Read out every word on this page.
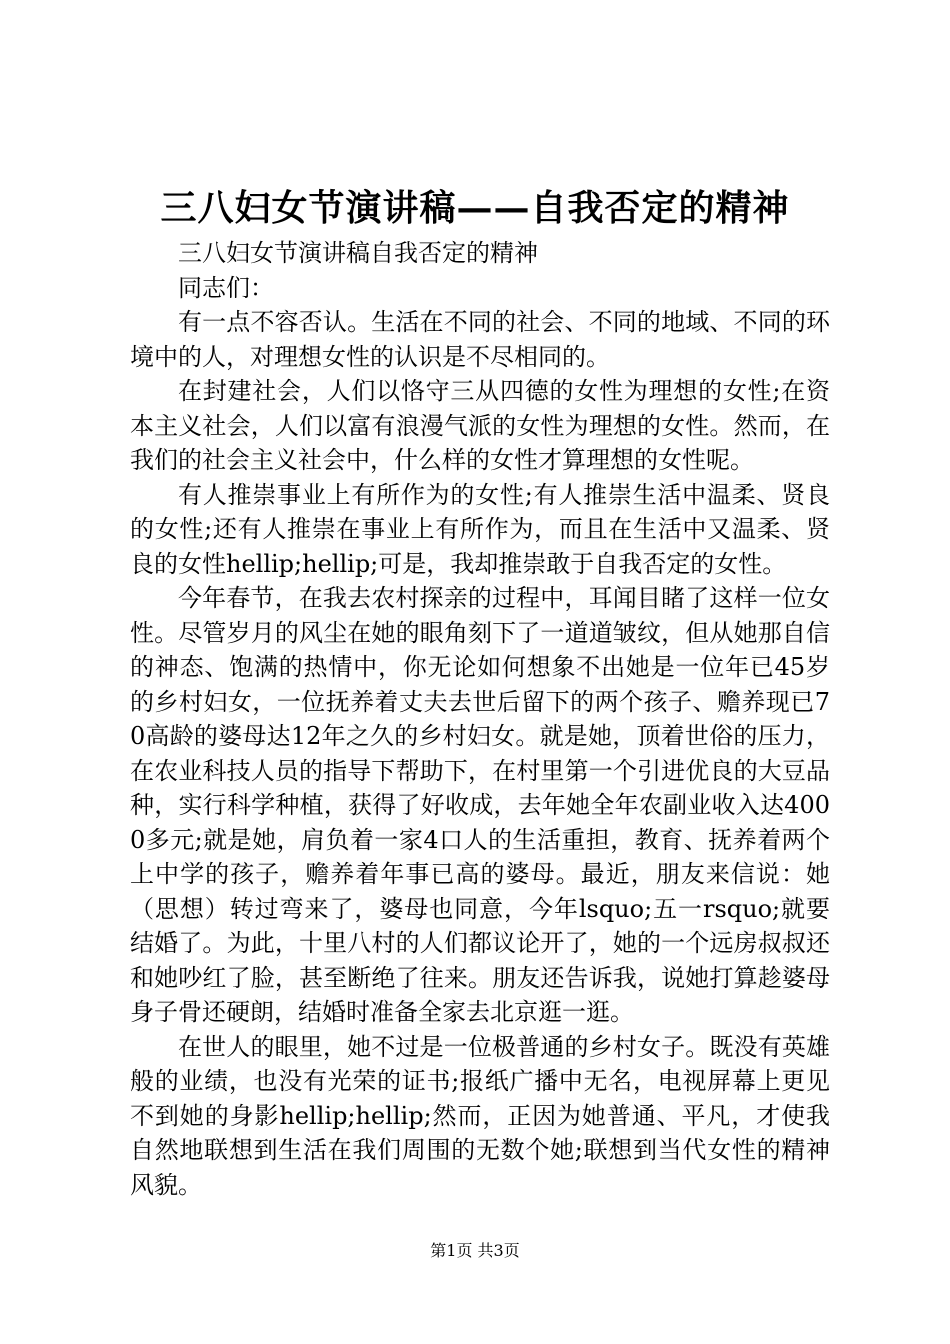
三八妇女节演讲稿——自我否定的精神

三八妇女节演讲稿自我否定的精神

同志们：

有一点不容否认。生活在不同的社会、不同的地域、不同的环境中的人，对理想女性的认识是不尽相同的。

在封建社会，人们以恪守三从四德的女性为理想的女性;在资本主义社会，人们以富有浪漫气派的女性为理想的女性。然而，在我们的社会主义社会中，什么样的女性才算理想的女性呢。

有人推崇事业上有所作为的女性;有人推崇生活中温柔、贤良的女性;还有人推崇在事业上有所作为，而且在生活中又温柔、贤良的女性hellip;hellip;可是，我却推崇敢于自我否定的女性。

今年春节，在我去农村探亲的过程中，耳闻目睹了这样一位女性。尽管岁月的风尘在她的眼角刻下了一道道皱纹，但从她那自信的神态、饱满的热情中，你无论如何想象不出她是一位年已45岁的乡村妇女，一位抚养着丈夫去世后留下的两个孩子、赡养现已70高龄的婆母达12年之久的乡村妇女。就是她，顶着世俗的压力，在农业科技人员的指导下帮助下，在村里第一个引进优良的大豆品种，实行科学种植，获得了好收成，去年她全年农副业收入达4000多元;就是她，肩负着一家4口人的生活重担，教育、抚养着两个上中学的孩子，赡养着年事已高的婆母。最近，朋友来信说：她（思想）转过弯来了，婆母也同意，今年lsquo;五一rsquo;就要结婚了。为此，十里八村的人们都议论开了，她的一个远房叔叔还和她吵红了脸，甚至断绝了往来。朋友还告诉我，说她打算趁婆母身子骨还硬朗，结婚时准备全家去北京逛一逛。

在世人的眼里，她不过是一位极普通的乡村女子。既没有英雄般的业绩，也没有光荣的证书;报纸广播中无名，电视屏幕上更见不到她的身影hellip;hellip;然而，正因为她普通、平凡，才使我自然地联想到生活在我们周围的无数个她;联想到当代女性的精神风貌。

第1页 共3页
